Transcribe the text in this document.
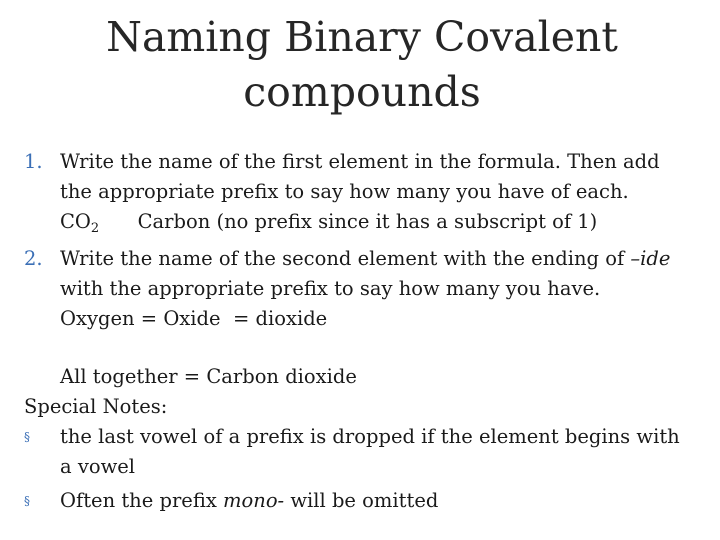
Naming Binary Covalent
compounds
1. Write the name of the first element in the formula. Then add
the appropriate prefix to say how many you have of each.
$CO_2$ Carbon (no prefix since it has a subscript of 1)
2. Write the name of the second element with the ending of –ide
with the appropriate prefix to say how many you have.
Oxygen = Oxide  = dioxide
All together = Carbon dioxide
Special Notes:
§	the last vowel of a prefix is dropped if the element begins with
a vowel
§	Often the prefix mono- will be omitted
